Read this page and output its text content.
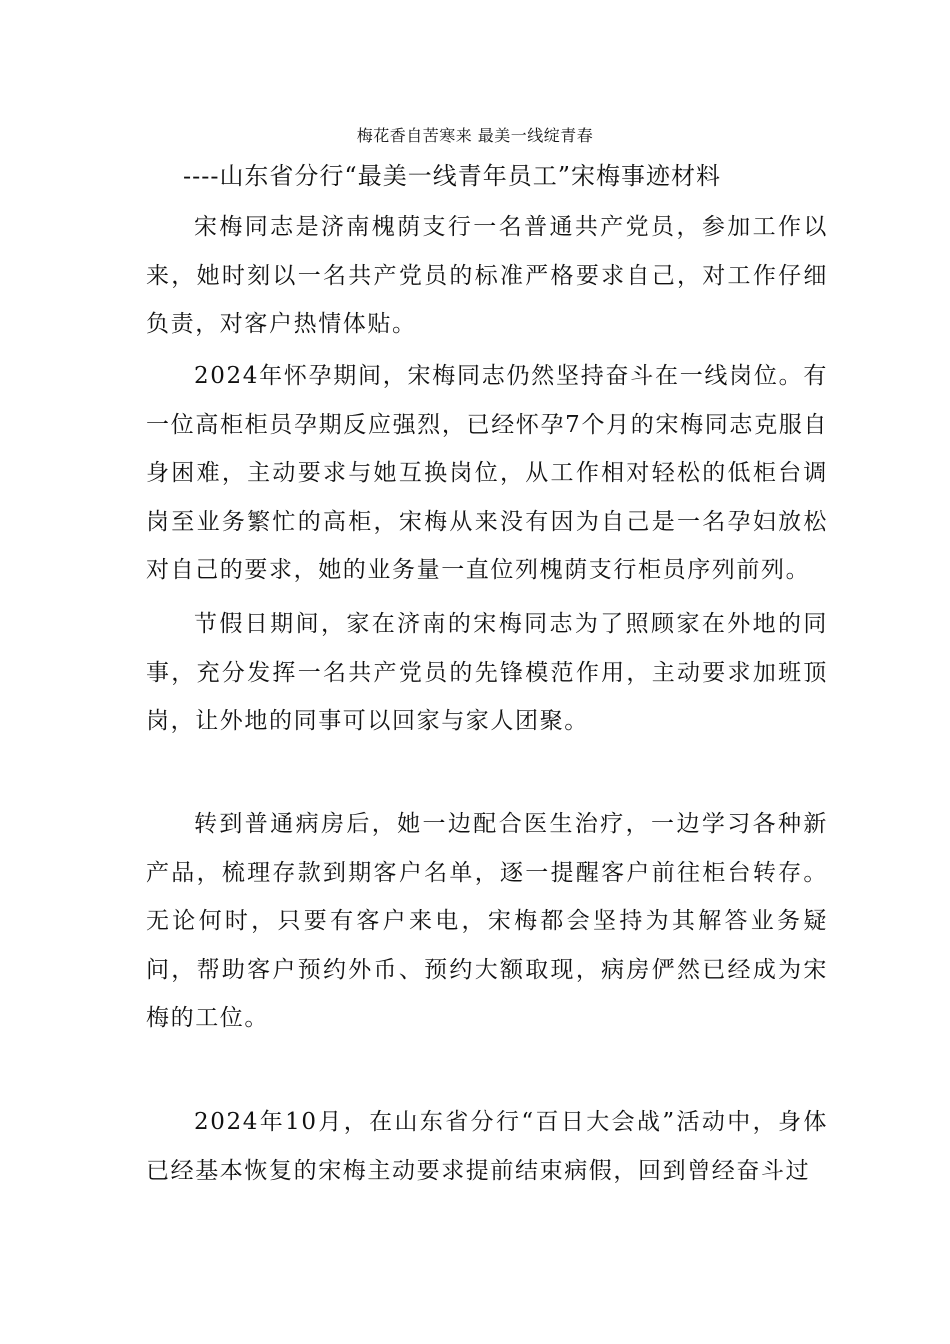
梅花香自苦寒来 最美一线绽青春
----山东省分行“最美一线青年员工”宋梅事迹材料

宋梅同志是济南槐荫支行一名普通共产党员，参加工作以来，她时刻以一名共产党员的标准严格要求自己，对工作仔细负责，对客户热情体贴。

2024年怀孕期间，宋梅同志仍然坚持奋斗在一线岗位。有一位高柜柜员孕期反应强烈，已经怀孕7个月的宋梅同志克服自身困难，主动要求与她互换岗位，从工作相对轻松的低柜台调岗至业务繁忙的高柜，宋梅从来没有因为自己是一名孕妇放松对自己的要求，她的业务量一直位列槐荫支行柜员序列前列。

节假日期间，家在济南的宋梅同志为了照顾家在外地的同事，充分发挥一名共产党员的先锋模范作用，主动要求加班顶岗，让外地的同事可以回家与家人团聚。

转到普通病房后，她一边配合医生治疗，一边学习各种新产品，梳理存款到期客户名单，逐一提醒客户前往柜台转存。无论何时，只要有客户来电，宋梅都会坚持为其解答业务疑问，帮助客户预约外币、预约大额取现，病房俨然已经成为宋梅的工位。

2024年10月，在山东省分行“百日大会战”活动中，身体已经基本恢复的宋梅主动要求提前结束病假，回到曾经奋斗过
